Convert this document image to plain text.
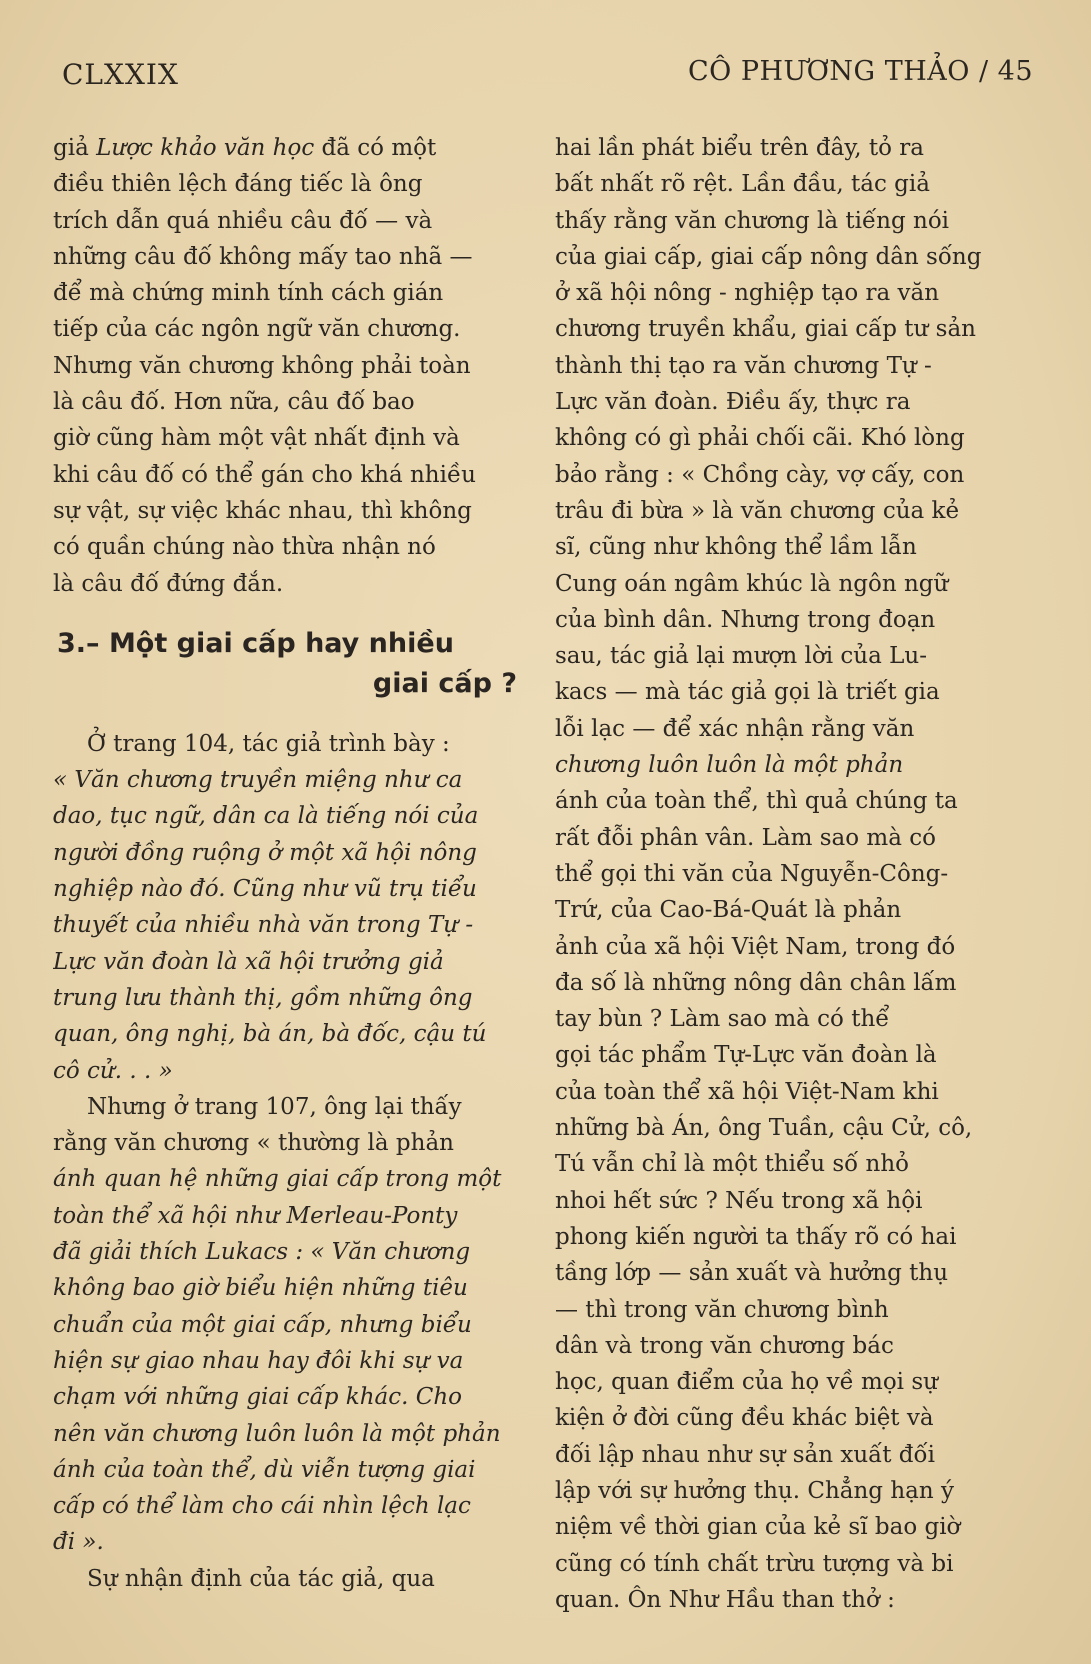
CLXXIX	CÔ PHƯƠNG THẢO / 45
giả Lược khảo văn học đã có một
điều thiên lệch đáng tiếc là ông
trích dẫn quá nhiều câu đố — và
những câu đố không mấy tao nhã —
để mà chứng minh tính cách gián
tiếp của các ngôn ngữ văn chương.
Nhưng văn chương không phải toàn
là câu đố. Hơn nữa, câu đố bao
giờ cũng hàm một vật nhất định và
khi câu đố có thể gán cho khá nhiều
sự vật, sự việc khác nhau, thì không
có quần chúng nào thừa nhận nó
là câu đố đứng đắn.
3.– Một giai cấp hay nhiều
giai cấp ?
Ở trang 104, tác giả trình bày :
« Văn chương truyền miệng như ca
dao, tục ngữ, dân ca là tiếng nói của
người đồng ruộng ở một xã hội nông
nghiệp nào đó. Cũng như vũ trụ tiểu
thuyết của nhiều nhà văn trong Tự -
Lực văn đoàn là xã hội trưởng giả
trung lưu thành thị, gồm những ông
quan, ông nghị, bà án, bà đốc, cậu tú
cô cử. . . »
Nhưng ở trang 107, ông lại thấy
rằng văn chương « thường là phản
ánh quan hệ những giai cấp trong một
toàn thể xã hội như Merleau-Ponty
đã giải thích Lukacs : « Văn chương
không bao giờ biểu hiện những tiêu
chuẩn của một giai cấp, nhưng biểu
hiện sự giao nhau hay đôi khi sự va
chạm với những giai cấp khác. Cho
nên văn chương luôn luôn là một phản
ánh của toàn thể, dù viễn tượng giai
cấp có thể làm cho cái nhìn lệch lạc
đi ».
Sự nhận định của tác giả, qua
hai lần phát biểu trên đây, tỏ ra
bất nhất rõ rệt. Lần đầu, tác giả
thấy rằng văn chương là tiếng nói
của giai cấp, giai cấp nông dân sống
ở xã hội nông - nghiệp tạo ra văn
chương truyền khẩu, giai cấp tư sản
thành thị tạo ra văn chương Tự -
Lực văn đoàn. Điều ấy, thực ra
không có gì phải chối cãi. Khó lòng
bảo rằng : « Chồng cày, vợ cấy, con
trâu đi bừa » là văn chương của kẻ
sĩ, cũng như không thể lầm lẫn
Cung oán ngâm khúc là ngôn ngữ
của bình dân. Nhưng trong đoạn
sau, tác giả lại mượn lời của Lu-
kacs — mà tác giả gọi là triết gia
lỗi lạc — để xác nhận rằng văn
chương luôn luôn là một phản
ánh của toàn thể, thì quả chúng ta
rất đỗi phân vân. Làm sao mà có
thể gọi thi văn của Nguyễn-Công-
Trứ, của Cao-Bá-Quát là phản
ảnh của xã hội Việt Nam, trong đó
đa số là những nông dân chân lấm
tay bùn ? Làm sao mà có thể
gọi tác phẩm Tự-Lực văn đoàn là
của toàn thể xã hội Việt-Nam khi
những bà Án, ông Tuần, cậu Cử, cô,
Tú vẫn chỉ là một thiểu số nhỏ
nhoi hết sức ? Nếu trong xã hội
phong kiến người ta thấy rõ có hai
tầng lớp — sản xuất và hưởng thụ
— thì trong văn chương bình
dân và trong văn chương bác
học, quan điểm của họ về mọi sự
kiện ở đời cũng đều khác biệt và
đối lập nhau như sự sản xuất đối
lập với sự hưởng thụ. Chẳng hạn ý
niệm về thời gian của kẻ sĩ bao giờ
cũng có tính chất trừu tượng và bi
quan. Ôn Như Hầu than thở :
